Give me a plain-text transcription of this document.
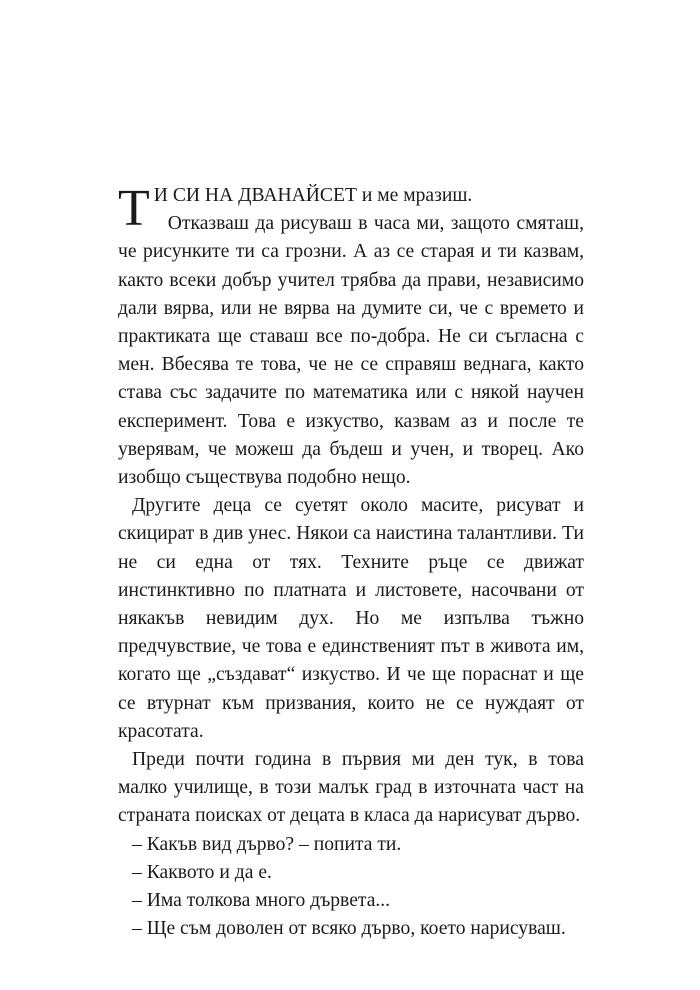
Т И СИ НА ДВАНАЙСЕТ и ме мразиш.
Отказваш да рисуваш в часа ми, защото смяташ, че рисунките ти са грозни. А аз се старая и ти казвам, както всеки добър учител трябва да прави, независимо дали вярва, или не вярва на думите си, че с времето и практиката ще ставаш все по-добра. Не си съгласна с мен. Вбесява те това, че не се справяш веднага, както става със задачите по математика или с някой научен експеримент. Това е изкуство, казвам аз и после те уверявам, че можеш да бъдеш и учен, и творец. Ако изобщо съществува подобно нещо.

Другите деца се суетят около масите, рисуват и скицират в див унес. Някои са наистина талантливи. Ти не си една от тях. Техните ръце се движат инстинктивно по платната и листовете, насочвани от някакъв невидим дух. Но ме изпълва тъжно предчувствие, че това е единственият път в живота им, когато ще „създават“ изкуство. И че ще пораснат и ще се втурнат към призвания, които не се нуждаят от красотата.

Преди почти година в първия ми ден тук, в това малко училище, в този малък град в източната част на страната поисках от децата в класа да нарисуват дърво.

– Какъв вид дърво? – попита ти.

– Каквото и да е.

– Има толкова много дървета...

– Ще съм доволен от всяко дърво, което нарисуваш.
